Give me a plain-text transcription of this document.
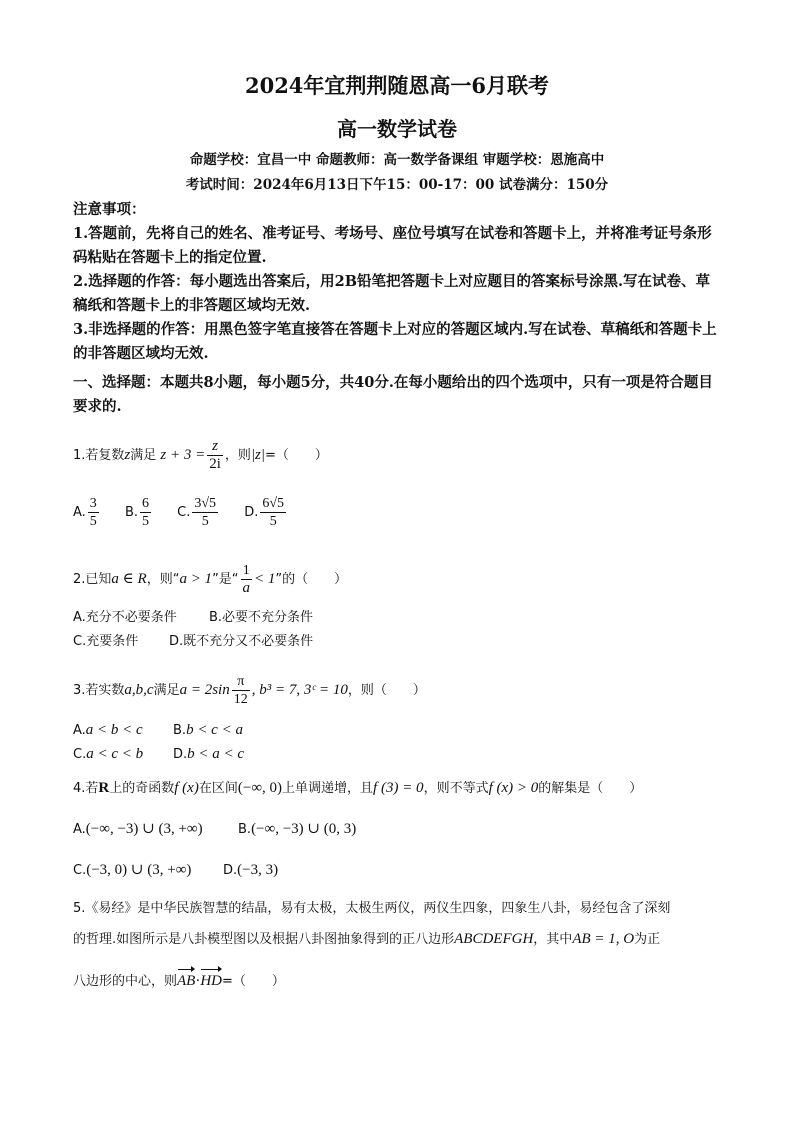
2024年宜荆荆随恩高一6月联考
高一数学试卷
命题学校：宜昌一中 命题教师：高一数学备课组 审题学校：恩施高中
考试时间：2024年6月13日下午15：00-17：00 试卷满分：150分

注意事项：

1.答题前，先将自己的姓名、准考证号、考场号、座位号填写在试卷和答题卡上，并将准考证号条形码粘贴在答题卡上的指定位置.

2.选择题的作答：每小题选出答案后，用2B铅笔把答题卡上对应题目的答案标号涂黑.写在试卷、草稿纸和答题卡上的非答题区域均无效.

3.非选择题的作答：用黑色签字笔直接答在答题卡上对应的答题区域内.写在试卷、草稿纸和答题卡上的非答题区域均无效.

一、选择题：本题共8小题，每小题5分，共40分.在每小题给出的四个选项中，只有一项是符合题目要求的.
1.若复数z满足 $z + 3 = \frac{z}{2i}$ ，则|z|=（　　）
A. $\frac{3}{5} B$. $\frac{6}{5} C$. $\frac{3√5}{5} D$. $\frac{6√5}{5}$
2.已知a ∈ R，则“a > 1”是“ $\frac{1}{a} < 1$”的（　　）
A.充分不必要条件 B.必要不充分条件
C.充要条件 D.既不充分又不必要条件
3.若实数a,b,c满足$a = 2\sin \frac{\pi}{12}$ , b³ = 7, 3ᶜ = 10，则（　　）
A.a < b < c B.b < c < a
C.a < c < b D.b < a < c
4.若R上的奇函数f (x)在区间(−∞, 0)上单调递增，且f (3) = 0，则不等式f (x) > 0的解集是（　　）
A.(−∞, −3) ∪ (3, +∞)	B.(−∞, −3) ∪ (0, 3)
C.(−3, 0) ∪ (3, +∞) D.(−3, 3)
5.《易经》是中华民族智慧的结晶，易有太极，太极生两仪，两仪生四象，四象生八卦，易经包含了深刻
的哲理.如图所示是八卦模型图以及根据八卦图抽象得到的正八边形ABCDEFGH，其中AB = 1, O为正
八边形的中心，则AB·HD=（　　）
